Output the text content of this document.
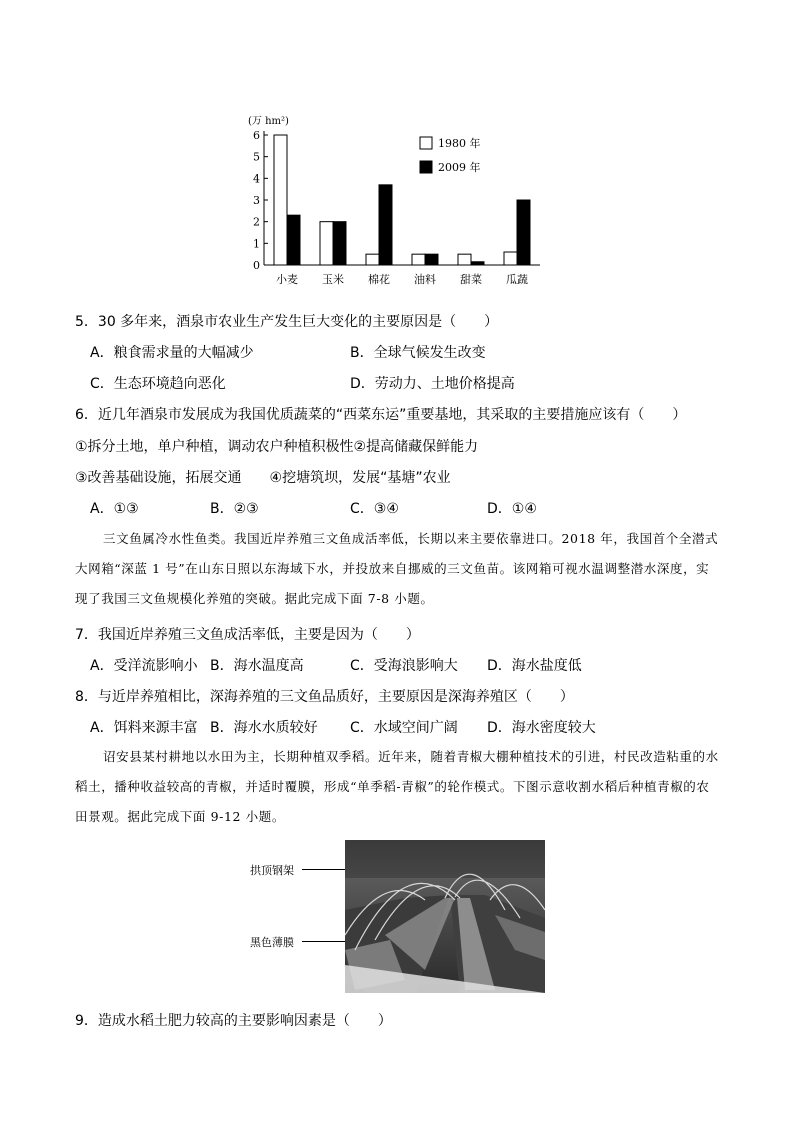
(万 hm²)
0
1
2
3
4
5
6
小麦 玉米 棉花 油料 甜菜 瓜蔬
1980 年
2009 年
5．30 多年来，酒泉市农业生产发生巨大变化的主要原因是（　　）
A．粮食需求量的大幅减少	B．全球气候发生改变
C．生态环境趋向恶化	D．劳动力、土地价格提高
6．近几年酒泉市发展成为我国优质蔬菜的“西菜东运”重要基地，其采取的主要措施应该有（　　）
①拆分土地，单户种植，调动农户种植积极性②提高储藏保鲜能力
③改善基础设施，拓展交通　　④挖塘筑坝，发展“基塘”农业
A．①③	B．②③	C．③④	D．①④
三文鱼属冷水性鱼类。我国近岸养殖三文鱼成活率低，长期以来主要依靠进口。2018 年，我国首个全潜式大网箱“深蓝 1 号”在山东日照以东海域下水，并投放来自挪威的三文鱼苗。该网箱可视水温调整潜水深度，实现了我国三文鱼规模化养殖的突破。据此完成下面 7-8 小题。
7．我国近岸养殖三文鱼成活率低，主要是因为（　　）
A．受洋流影响小 B．海水温度高	C．受海浪影响大 D．海水盐度低
8．与近岸养殖相比，深海养殖的三文鱼品质好，主要原因是深海养殖区（　　）
A．饵料来源丰富 B．海水水质较好 C．水域空间广阔 D．海水密度较大
诏安县某村耕地以水田为主，长期种植双季稻。近年来，随着青椒大棚种植技术的引进，村民改造粘重的水稻土，播种收益较高的青椒，并适时覆膜，形成“单季稻-青椒”的轮作模式。下图示意收割水稻后种植青椒的农田景观。据此完成下面 9-12 小题。
拱顶钢架
黑色薄膜
9．造成水稻土肥力较高的主要影响因素是（　　）
